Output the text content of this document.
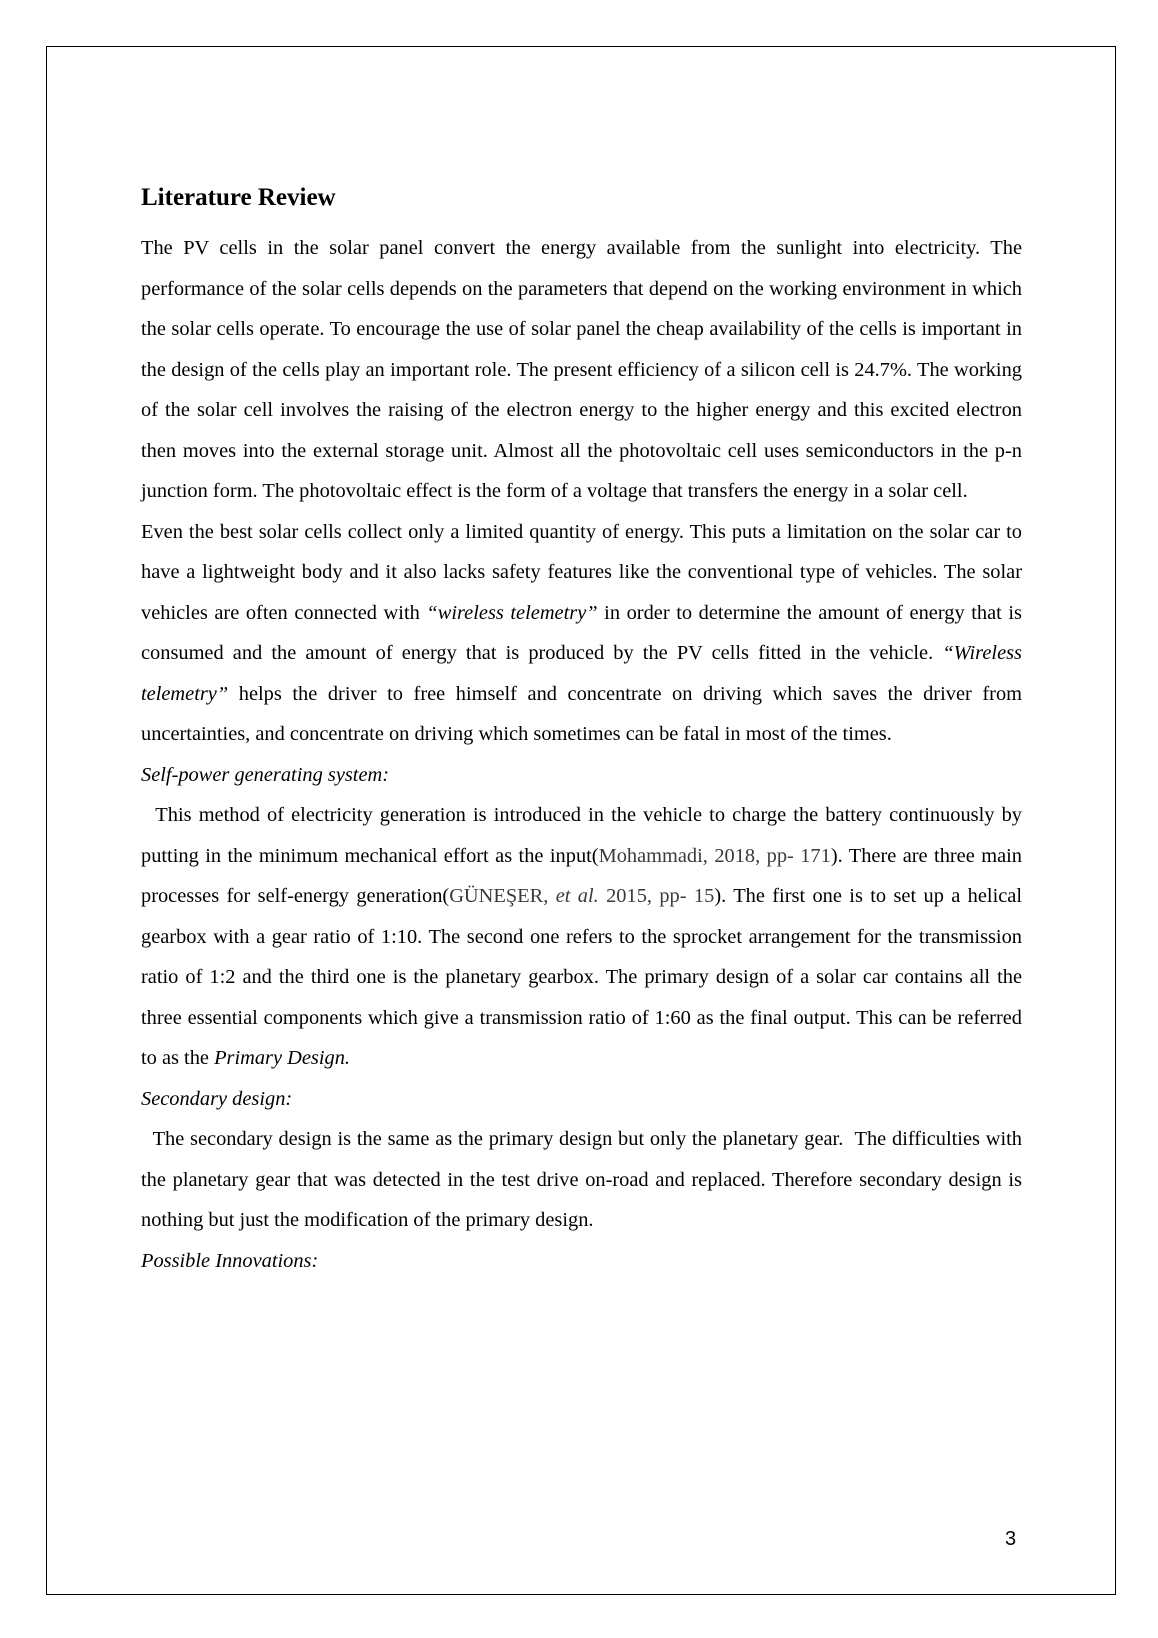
Literature Review

The PV cells in the solar panel convert the energy available from the sunlight into electricity. The performance of the solar cells depends on the parameters that depend on the working environment in which the solar cells operate. To encourage the use of solar panel the cheap availability of the cells is important in the design of the cells play an important role. The present efficiency of a silicon cell is 24.7%. The working of the solar cell involves the raising of the electron energy to the higher energy and this excited electron then moves into the external storage unit. Almost all the photovoltaic cell uses semiconductors in the p-n junction form. The photovoltaic effect is the form of a voltage that transfers the energy in a solar cell.

Even the best solar cells collect only a limited quantity of energy. This puts a limitation on the solar car to have a lightweight body and it also lacks safety features like the conventional type of vehicles. The solar vehicles are often connected with “wireless telemetry” in order to determine the amount of energy that is consumed and the amount of energy that is produced by the PV cells fitted in the vehicle. “Wireless telemetry” helps the driver to free himself and concentrate on driving which saves the driver from uncertainties, and concentrate on driving which sometimes can be fatal in most of the times.

Self-power generating system:

This method of electricity generation is introduced in the vehicle to charge the battery continuously by putting in the minimum mechanical effort as the input(Mohammadi, 2018, pp- 171). There are three main processes for self-energy generation(GÜNEŞER, et al. 2015, pp- 15). The first one is to set up a helical gearbox with a gear ratio of 1:10. The second one refers to the sprocket arrangement for the transmission ratio of 1:2 and the third one is the planetary gearbox. The primary design of a solar car contains all the three essential components which give a transmission ratio of 1:60 as the final output. This can be referred to as the Primary Design.

Secondary design:

The secondary design is the same as the primary design but only the planetary gear.  The difficulties with the planetary gear that was detected in the test drive on-road and replaced. Therefore secondary design is nothing but just the modification of the primary design.

Possible Innovations:

3
